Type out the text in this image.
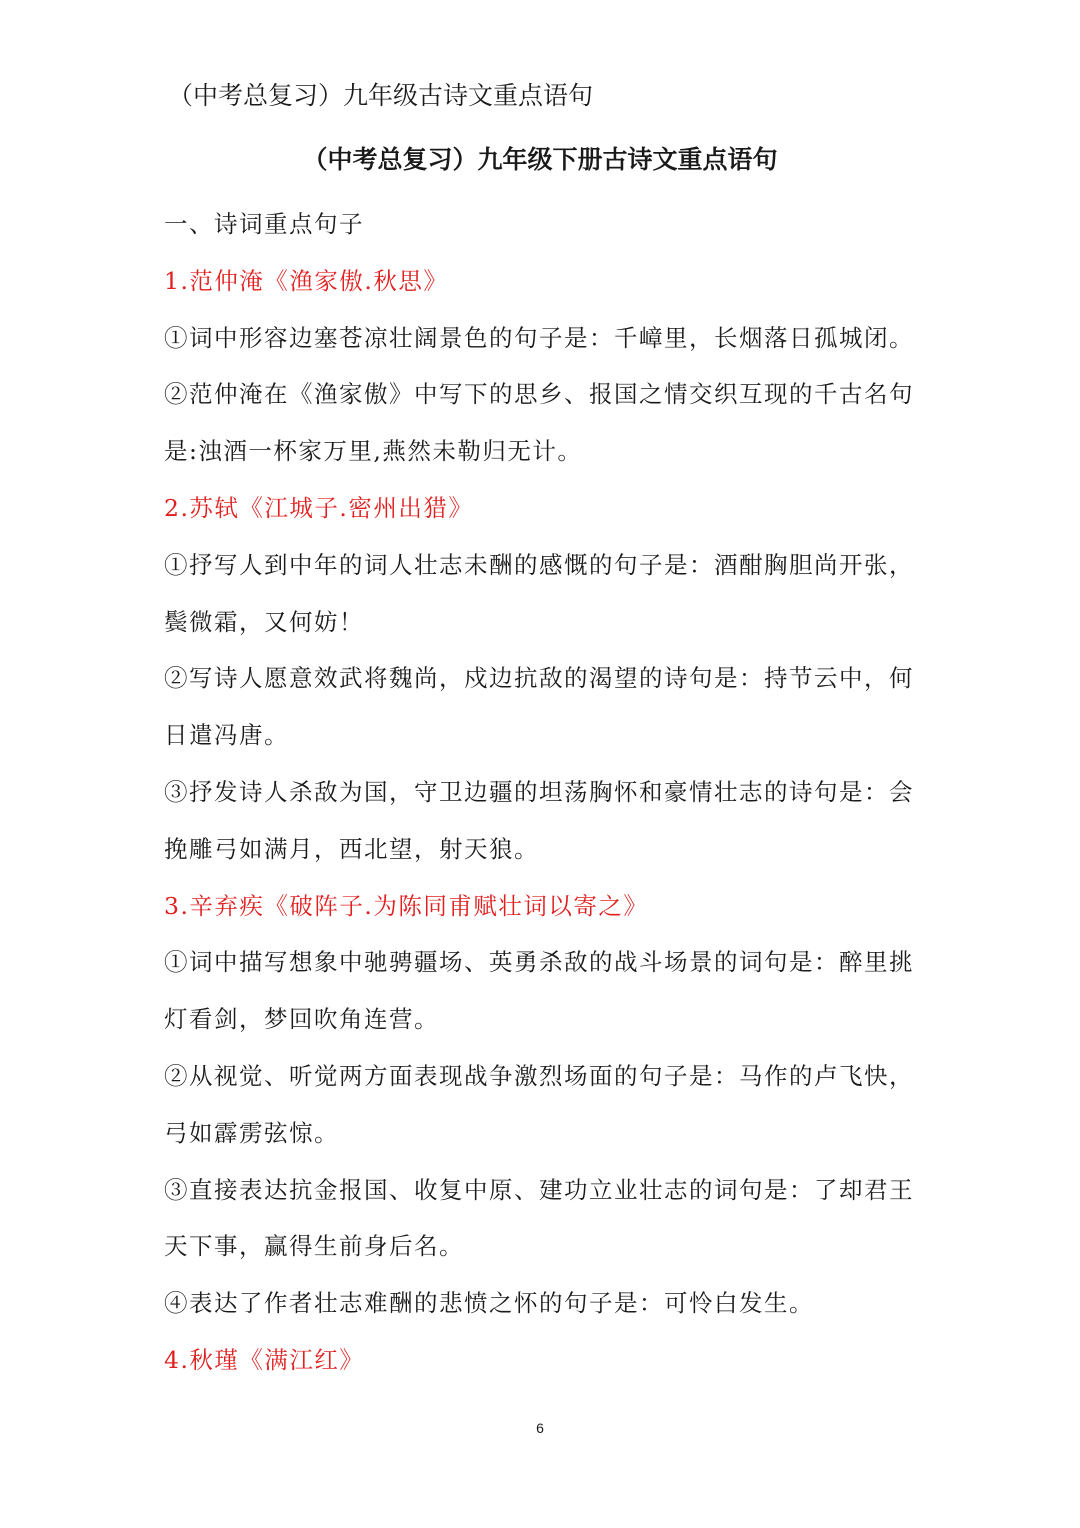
（中考总复习）九年级古诗文重点语句
（中考总复习）九年级下册古诗文重点语句
一、诗词重点句子
1.范仲淹《渔家傲.秋思》
①词中形容边塞苍凉壮阔景色的句子是：千嶂里，长烟落日孤城闭。
②范仲淹在《渔家傲》中写下的思乡、报国之情交织互现的千古名句
是:浊酒一杯家万里,燕然未勒归无计。
2.苏轼《江城子.密州出猎》
①抒写人到中年的词人壮志未酬的感慨的句子是：酒酣胸胆尚开张，
鬓微霜，又何妨！
②写诗人愿意效武将魏尚，戍边抗敌的渴望的诗句是：持节云中，何
日遣冯唐。
③抒发诗人杀敌为国，守卫边疆的坦荡胸怀和豪情壮志的诗句是：会
挽雕弓如满月，西北望，射天狼。
3.辛弃疾《破阵子.为陈同甫赋壮词以寄之》
①词中描写想象中驰骋疆场、英勇杀敌的战斗场景的词句是：醉里挑
灯看剑，梦回吹角连营。
②从视觉、听觉两方面表现战争激烈场面的句子是：马作的卢飞快，
弓如霹雳弦惊。
③直接表达抗金报国、收复中原、建功立业壮志的词句是：了却君王
天下事，赢得生前身后名。
④表达了作者壮志难酬的悲愤之怀的句子是：可怜白发生。
4.秋瑾《满江红》
6
